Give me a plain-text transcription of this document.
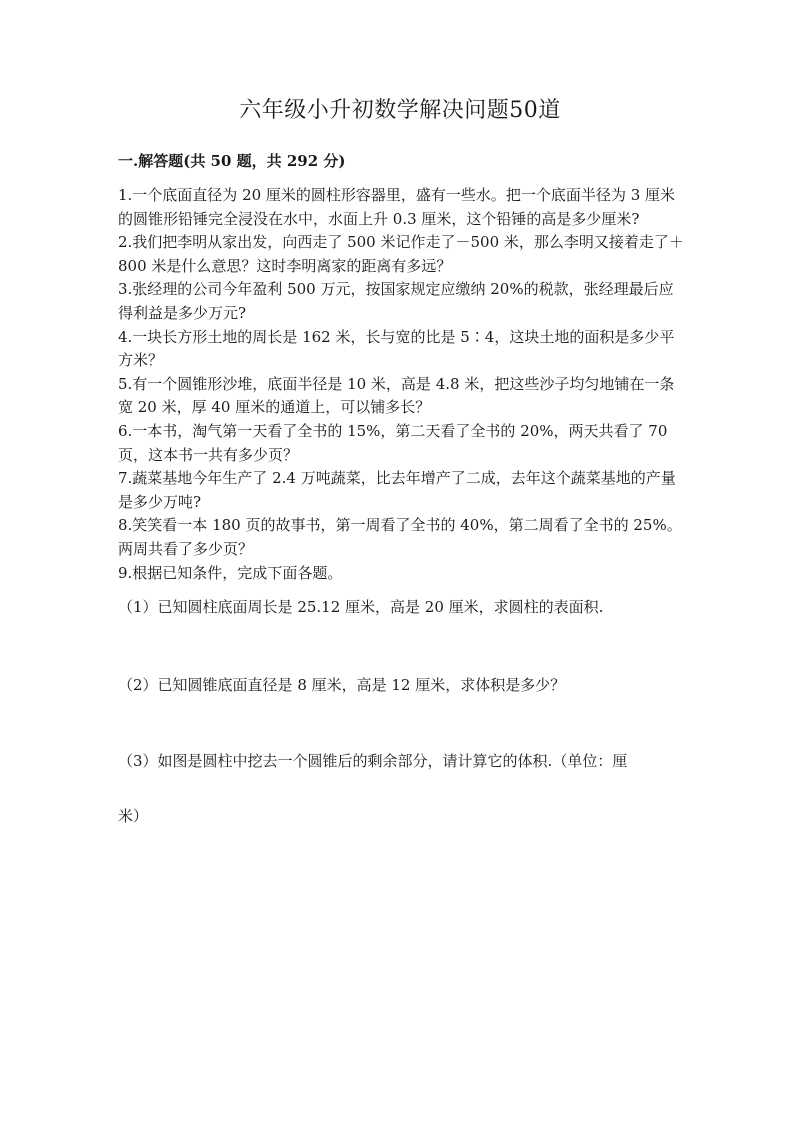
六年级小升初数学解决问题50道
一.解答题(共 50 题，共 292 分)

1.一个底面直径为 20 厘米的圆柱形容器里，盛有一些水。把一个底面半径为 3 厘米的圆锥形铅锤完全浸没在水中，水面上升 0.3 厘米，这个铅锤的高是多少厘米?

2.我们把李明从家出发，向西走了 500 米记作走了－500 米，那么李明又接着走了＋800 米是什么意思？这时李明离家的距离有多远？

3.张经理的公司今年盈利 500 万元，按国家规定应缴纳 20%的税款，张经理最后应得利益是多少万元?

4.一块长方形土地的周长是 162 米，长与宽的比是 5∶4，这块土地的面积是多少平方米？

5.有一个圆锥形沙堆，底面半径是 10 米，高是 4.8 米，把这些沙子均匀地铺在一条宽 20 米，厚 40 厘米的通道上，可以铺多长？

6.一本书，淘气第一天看了全书的 15%，第二天看了全书的 20%，两天共看了 70 页，这本书一共有多少页？

7.蔬菜基地今年生产了 2.4 万吨蔬菜，比去年增产了二成，去年这个蔬菜基地的产量是多少万吨?

8.笑笑看一本 180 页的故事书，第一周看了全书的 40%，第二周看了全书的 25%。两周共看了多少页？

9.根据已知条件，完成下面各题。

（1）已知圆柱底面周长是 25.12 厘米，高是 20 厘米，求圆柱的表面积.
（2）已知圆锥底面直径是 8 厘米，高是 12 厘米，求体积是多少？
（3）如图是圆柱中挖去一个圆锥后的剩余部分，请计算它的体积.（单位：厘
米）
